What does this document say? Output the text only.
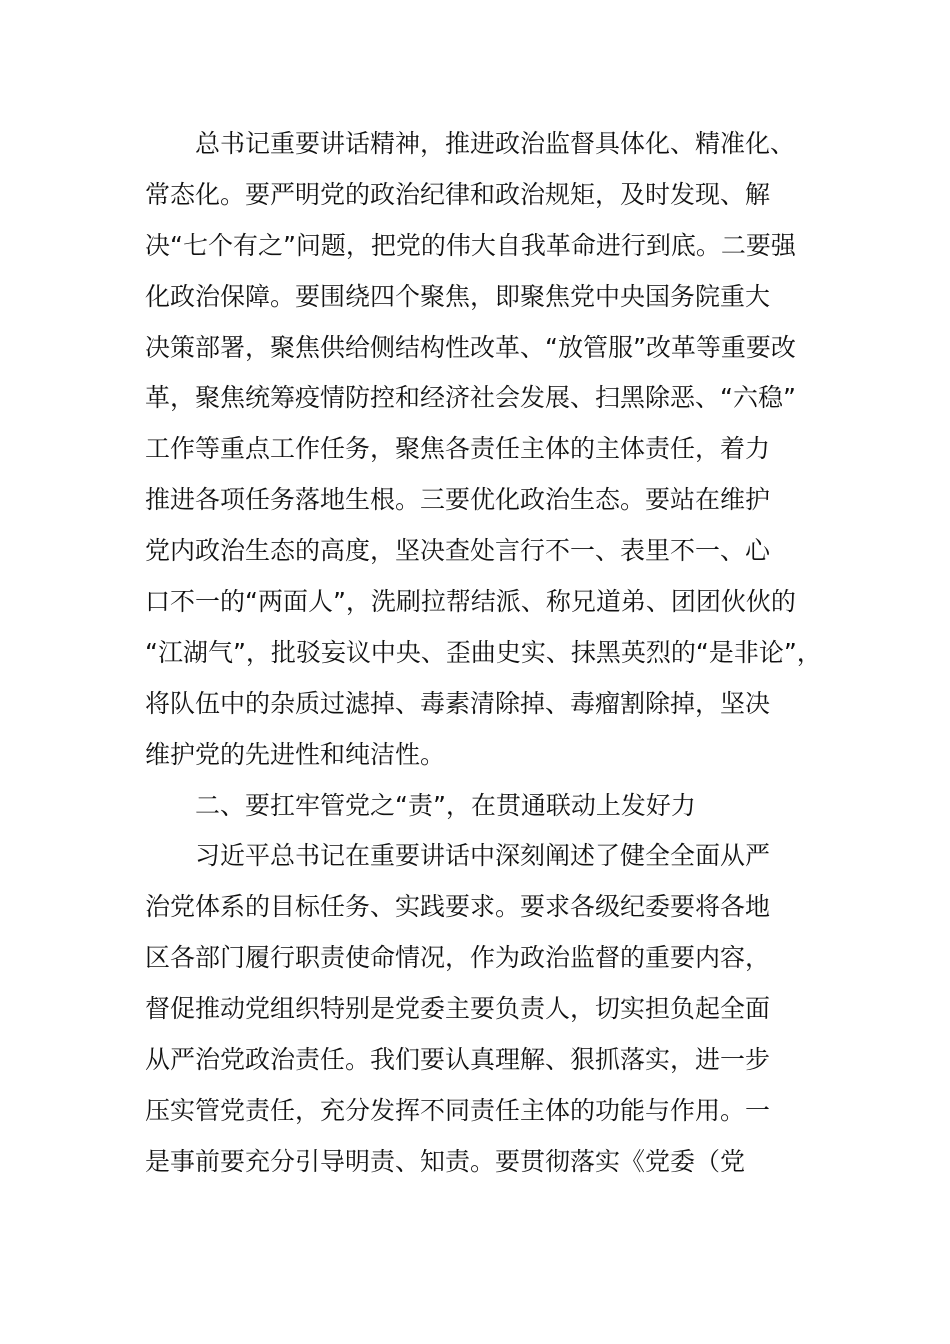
总书记重要讲话精神，推进政治监督具体化、精准化、
常态化。要严明党的政治纪律和政治规矩，及时发现、解
决“七个有之”问题，把党的伟大自我革命进行到底。二要强
化政治保障。要围绕四个聚焦，即聚焦党中央国务院重大
决策部署，聚焦供给侧结构性改革、“放管服”改革等重要改
革，聚焦统筹疫情防控和经济社会发展、扫黑除恶、“六稳”
工作等重点工作任务，聚焦各责任主体的主体责任，着力
推进各项任务落地生根。三要优化政治生态。要站在维护
党内政治生态的高度，坚决查处言行不一、表里不一、心
口不一的“两面人”，洗刷拉帮结派、称兄道弟、团团伙伙的
“江湖气”，批驳妄议中央、歪曲史实、抹黑英烈的“是非论”，
将队伍中的杂质过滤掉、毒素清除掉、毒瘤割除掉，坚决
维护党的先进性和纯洁性。
二、要扛牢管党之“责”，在贯通联动上发好力
习近平总书记在重要讲话中深刻阐述了健全全面从严
治党体系的目标任务、实践要求。要求各级纪委要将各地
区各部门履行职责使命情况，作为政治监督的重要内容，
督促推动党组织特别是党委主要负责人，切实担负起全面
从严治党政治责任。我们要认真理解、狠抓落实，进一步
压实管党责任，充分发挥不同责任主体的功能与作用。一
是事前要充分引导明责、知责。要贯彻落实《党委（党
